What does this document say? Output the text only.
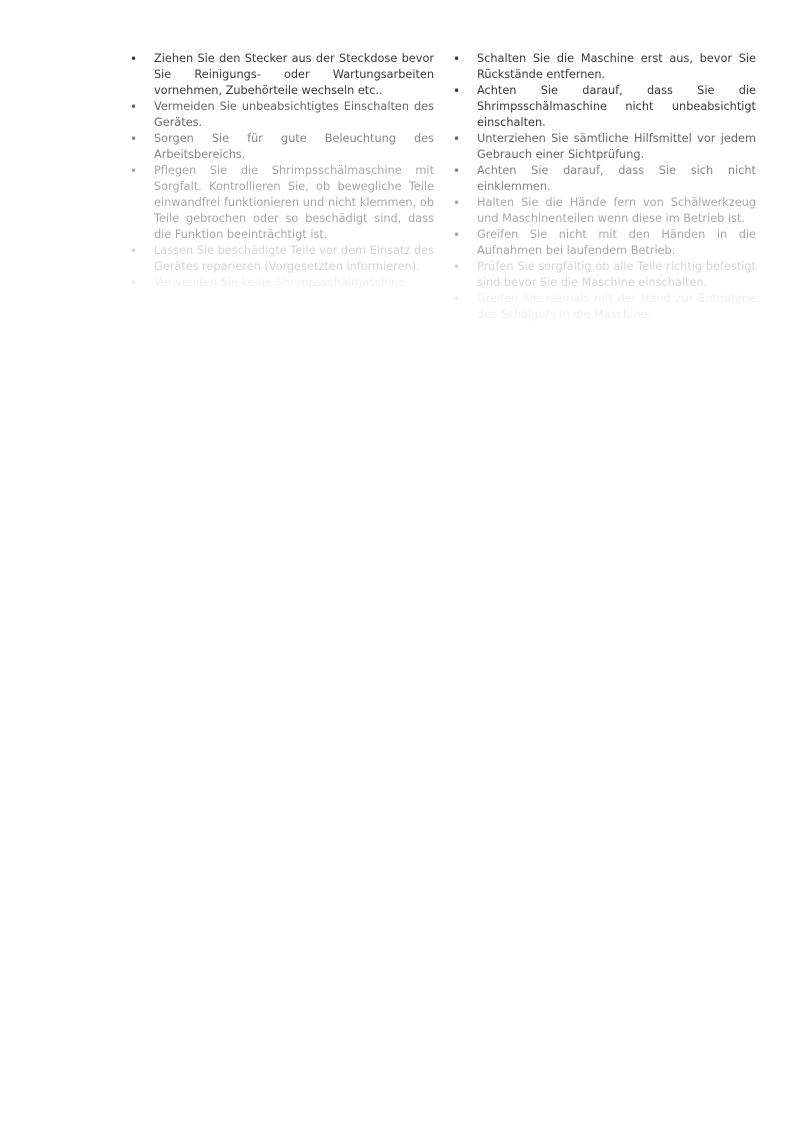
• Ziehen Sie den Stecker aus der Steckdose bevor Sie Reinigungs- oder Wartungsarbeiten vornehmen, Zubehörteile wechseln etc..
• Vermeiden Sie unbeabsichtigtes Einschalten des Gerätes.
• Sorgen Sie für gute Beleuchtung des Arbeitsbereichs.
• Pflegen Sie die Shrimpsschälmaschine mit Sorgfalt. Kontrollieren Sie, ob bewegliche Teile einwandfrei funktionieren und nicht klemmen, ob Teile gebrochen oder so beschädigt sind, dass die Funktion beeinträchtigt ist.
• Lassen Sie beschädigte Teile vor dem Einsatz des Gerätes reparieren (Vorgesetzten informieren).
• Verwenden Sie keine Shrimpsschälmaschine
• Schalten Sie die Maschine erst aus, bevor Sie Rückstände entfernen.
• Achten Sie darauf, dass Sie die Shrimpsschälmaschine nicht unbeabsichtigt einschalten.
• Unterziehen Sie sämtliche Hilfsmittel vor jedem Gebrauch einer Sichtprüfung.
• Achten Sie darauf, dass Sie sich nicht einklemmen.
• Halten Sie die Hände fern von Schälwerkzeug und Maschinenteilen wenn diese im Betrieb ist.
• Greifen Sie nicht mit den Händen in die Aufnahmen bei laufendem Betrieb.
• Prüfen Sie sorgfältig ob alle Teile richtig befestigt sind bevor Sie die Maschine einschalten.
• Greifen Sie niemals mit der Hand zur Entnahme des Schälguts in die Maschine.
